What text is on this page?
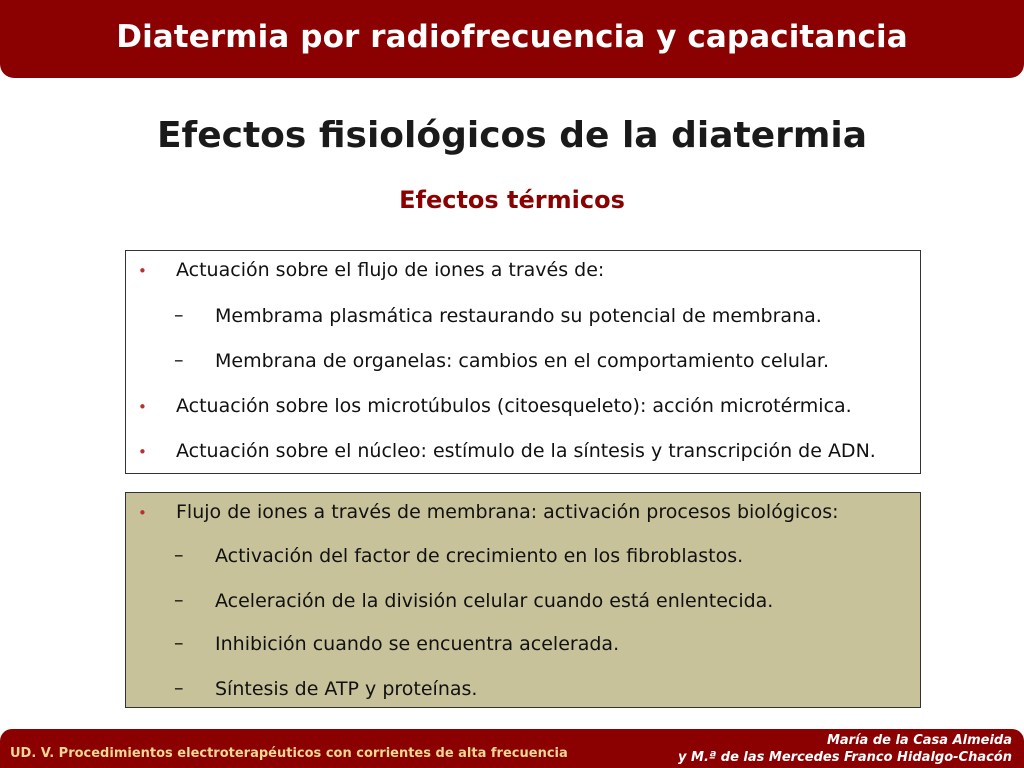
Diatermia por radiofrecuencia y capacitancia
Efectos fisiológicos de la diatermia
Efectos térmicos
• Actuación sobre el flujo de iones a través de:
– Membrama plasmática restaurando su potencial de membrana.
– Membrana de organelas: cambios en el comportamiento celular.
• Actuación sobre los microtúbulos (citoesqueleto): acción microtérmica.
• Actuación sobre el núcleo: estímulo de la síntesis y transcripción de ADN.
• Flujo de iones a través de membrana: activación procesos biológicos:
– Activación del factor de crecimiento en los fibroblastos.
– Aceleración de la división celular cuando está enlentecida.
– Inhibición cuando se encuentra acelerada.
– Síntesis de ATP y proteínas.
UD. V. Procedimientos electroterapéuticos con corrientes de alta frecuencia
María de la Casa Almeida
y M.ª de las Mercedes Franco Hidalgo-Chacón
